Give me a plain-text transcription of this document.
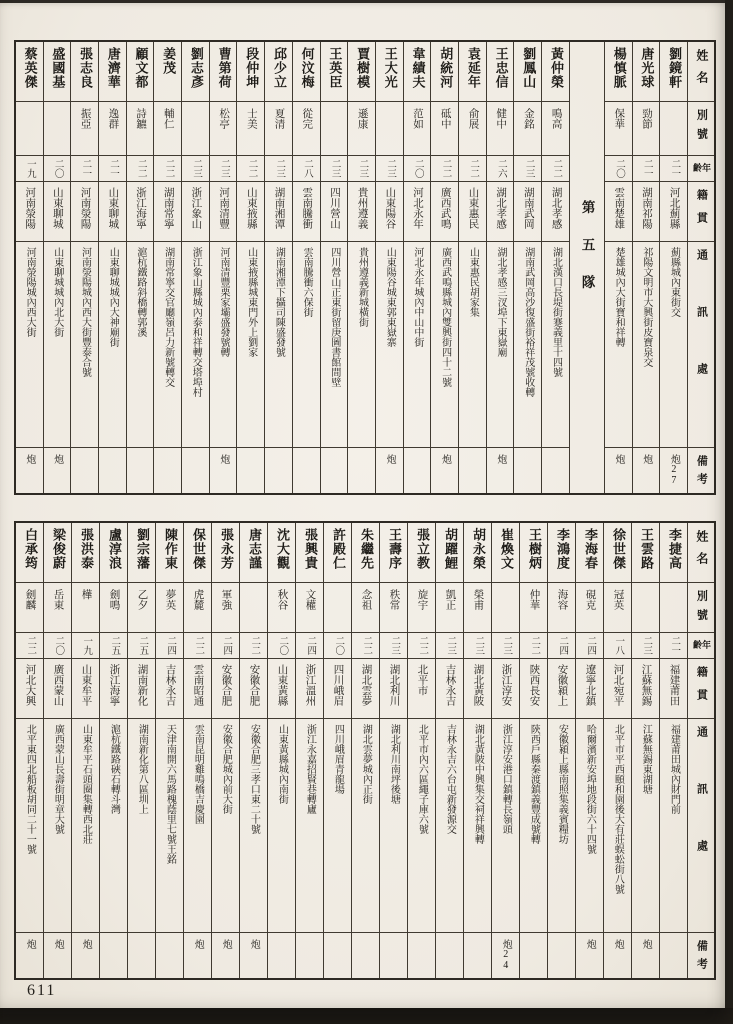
姓名
別號
年齡
籍貫
通訊處
備考
劉鏡軒
二一
河北薊縣
薊縣城內東街交
炮27
唐光球
勁節
二一
湖南祁陽
祁陽文明市大興街皮寶泉交
炮
楊慎脈
保華
二〇
雲南楚雄
楚雄城內大街寶和祥轉
炮
第五隊
黃仲榮
鳴高
二二
湖北孝感
湖北漢口長堤街蹇義里十四號
劉鳳山
金銘
二三
湖南武岡
湖南武岡高沙復盛街裕祥茂號收轉
王忠信
健中
二六
湖北孝感
湖北孝感三汊埠下東嶽廟
炮
袁延年
俞展
二二
山東惠民
山東惠民胡家集
胡統河
砥中
二二
廣西武鳴
廣西武鳴縣城內雙興街四十二號
炮
韋績夫
范如
二〇
河北永年
河北永年城內中山中街
王大光
二三
山東陽谷
山東陽谷城東郭東嶽寨
炮
賈樹模
遜康
二三
貴州遵義
貴州遵義新城橫街
王英臣
二三
四川營山
四川營山正東街留庚圖書館間壁
何汶梅
從完
二八
雲南騰衝
雲南騰衝六保街
邱少立
夏清
二三
湖南湘潭
湖南湘潭下攝司陳盛發號
段仲坤
士美
二二
山東掖縣
山東掖縣城東門外上劉家
曹第荷
松亭
二三
河南清豐
河南清豐栗家壩盛發號轉
炮
劉志彥
二三
浙江象山
浙江象山縣城內泰和祥轉交塔埠村
姜茂
輔仁
二二
湖南常寧
湖南常寧交官廳嶺呂力新號轉交
顧文都
詩鑣
二二
浙江海寧
滬杭鐵路斜橋轉郭溪
唐濟華
逸群
二一
山東聊城
山東聊城城內大神廟街
張志良
振亞
二一
河南滎陽
河南滎陽城內西大街豐泰合號
盛國基
二〇
山東聊城
山東聊城城內北大街
炮
蔡英傑
一九
河南滎陽
河南滎陽城內西大街
炮
姓名
別號
年齡
籍貫
通訊處
備考
李捷高
二一
福建莆田
福建莆田城內財門前
王雲路
二三
江蘇無錫
江蘇無錫東湖塘
炮
徐世傑
冠英
一八
河北宛平
北平市平西頤和園後大有莊蜈蚣街八號
炮
李海春
硯克
二四
遼寧北鎮
哈爾濱新安埠地段街六十四號
炮
李鴻度
海容
二四
安徽潁上
安徽潁上縣南照集義賓糧坊
王樹炳
仲華
二二
陝西長安
陝西戶縣秦渡鎮義豐成號轉
崔煥文
二三
浙江淳安
浙江淳安港口鎮轉長嶺頭
炮24
胡永榮
榮甫
二三
湖北黃陂
湖北黃陂中興集交祠祥興轉
胡躍鯉
凱正
二三
吉林永吉
吉林永吉六台屯新發源交
張立教
旋宇
二二
北平市
北平市內六區繩子庫六號
王壽序
秩常
二三
湖北利川
湖北利川南坪後塘
朱繼先
念祖
二二
湖北雲夢
湖北雲夢城內正街
許殿仁
二〇
四川峨眉
四川峨眉青龍場
張興貴
文權
二四
浙江溫州
浙江永嘉招賢巷轉廬
沈大觀
秋谷
二〇
山東黃縣
山東黃縣城內南街
唐志謹
二二
安徽合肥
安徽合肥三孝口東二十號
炮
張永芳
軍強
二四
安徽合肥
安徽合肥城內前大街
炮
保世傑
虎麓
二二
雲南昭通
雲南昆明雞鳴橋吉慶園
炮
陳作東
夢英
二四
吉林永吉
天津南開六馬路槐蔭里七號王銘
劉宗藩
乙夕
二五
湖南新化
湖南新化第八區圳上
盧淳浪
劍鳴
二五
浙江海寧
滬杭鐵路硤石轉斗灣
張洪泰
樺
一九
山東牟平
山東牟平石頭圈集轉西北莊
炮
梁俊蔚
岳東
二〇
廣西蒙山
廣西蒙山長壽街明章大號
炮
白承筠
劍麟
二二
河北大興
北平東四北船板胡同二十一號
炮
611
